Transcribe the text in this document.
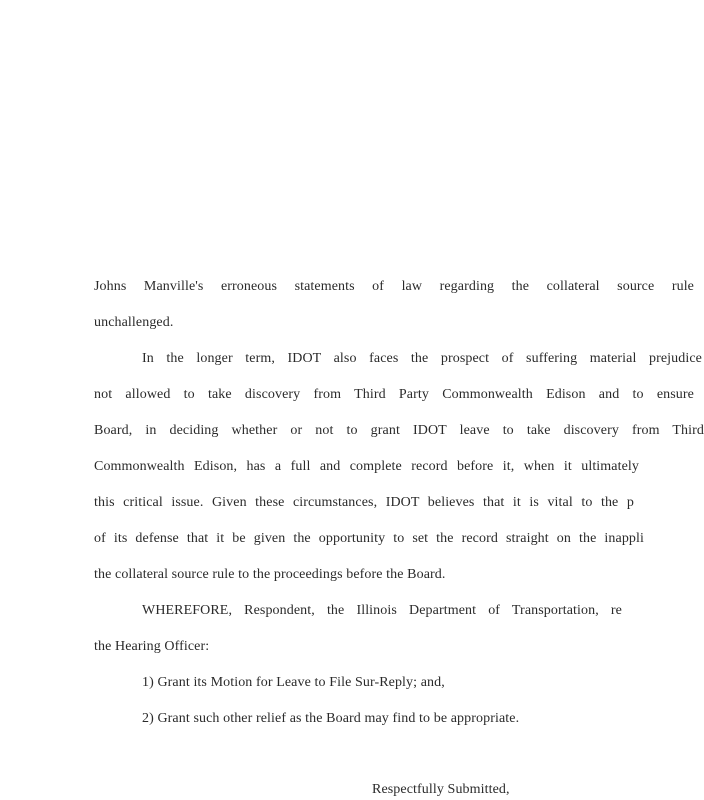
Johns Manville's erroneous statements of law regarding the collateral source rule
unchallenged.
In the longer term, IDOT also faces the prospect of suffering material prejudice
not allowed to take discovery from Third Party Commonwealth Edison and to ensure
Board, in deciding whether or not to grant IDOT leave to take discovery from Third
Commonwealth Edison, has a full and complete record before it, when it ultimately
this critical issue. Given these circumstances, IDOT believes that it is vital to the p
of its defense that it be given the opportunity to set the record straight on the inappli
the collateral source rule to the proceedings before the Board.
WHEREFORE, Respondent, the Illinois Department of Transportation, re
the Hearing Officer:
1) Grant its Motion for Leave to File Sur-Reply; and,
2) Grant such other relief as the Board may find to be appropriate.
Respectfully Submitted,
